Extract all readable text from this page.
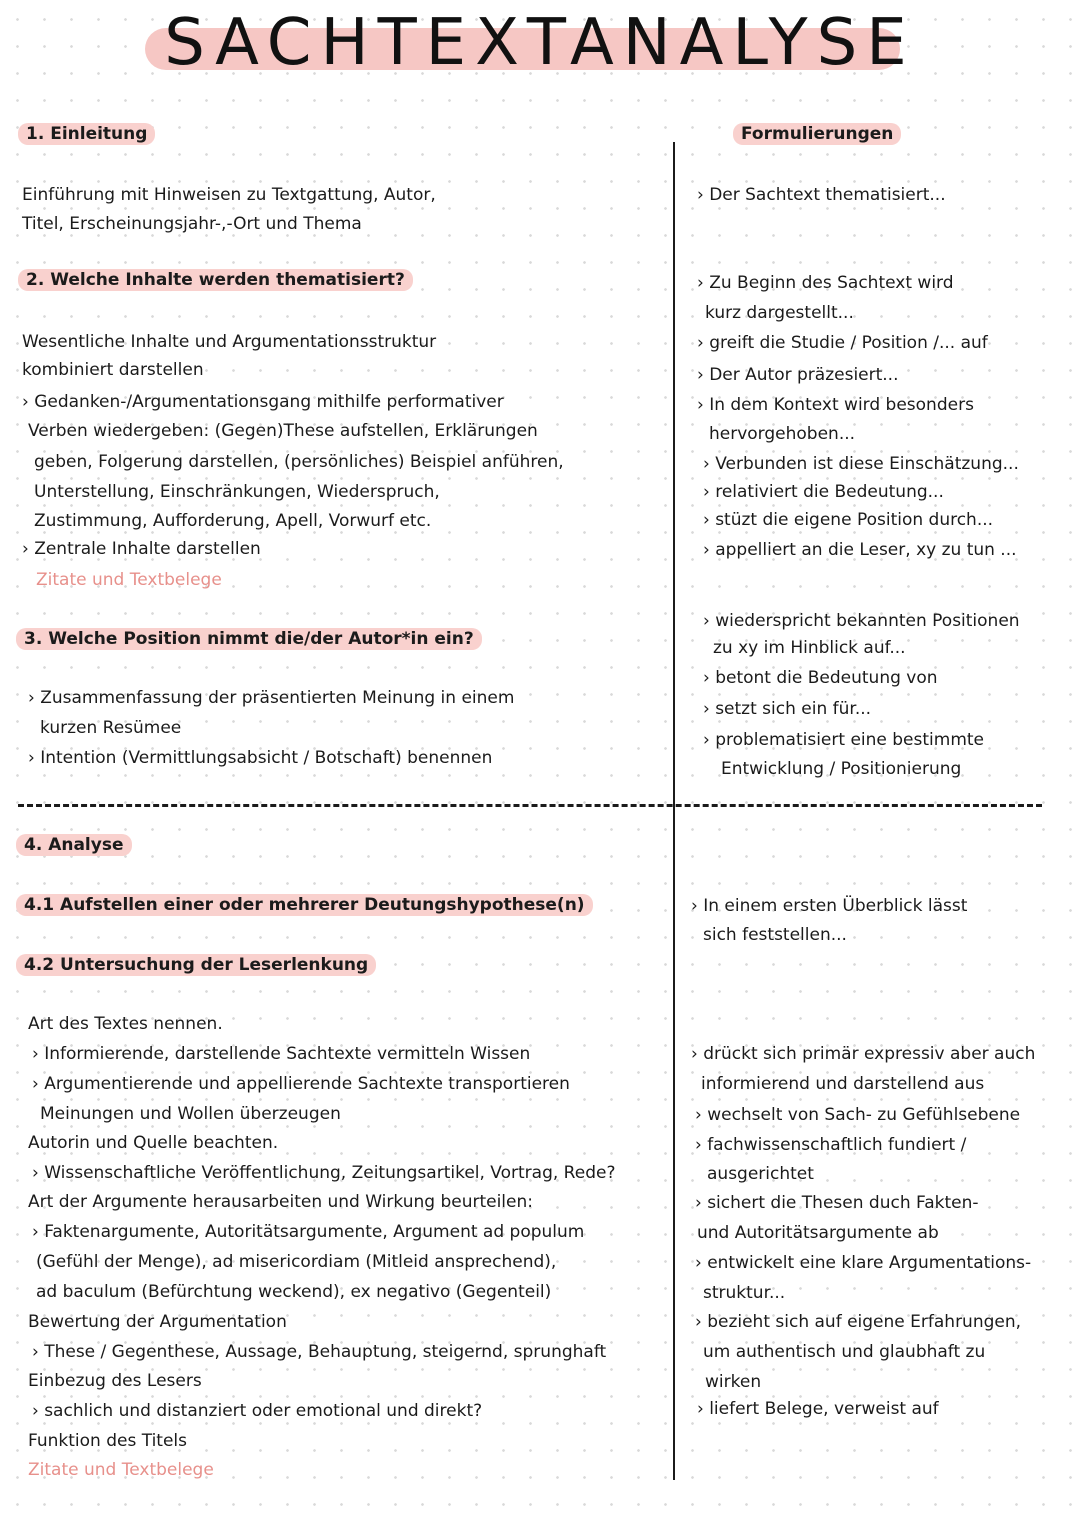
SACHTEXTANALYSE
1. Einleitung
Einführung mit Hinweisen zu Textgattung, Autor,
Titel, Erscheinungsjahr-,-Ort und Thema
2. Welche Inhalte werden thematisiert?
Wesentliche Inhalte und Argumentationsstruktur
kombiniert darstellen
› Gedanken-/Argumentationsgang mithilfe performativer
Verben wiedergeben: (Gegen)These aufstellen, Erklärungen
geben, Folgerung darstellen, (persönliches) Beispiel anführen,
Unterstellung, Einschränkungen, Wiederspruch,
Zustimmung, Aufforderung, Apell, Vorwurf etc.
› Zentrale Inhalte darstellen
Zitate und Textbelege
3. Welche Position nimmt die/der Autor*in ein?
› Zusammenfassung der präsentierten Meinung in einem
kurzen Resümee
› Intention (Vermittlungsabsicht / Botschaft) benennen
4. Analyse
4.1 Aufstellen einer oder mehrerer Deutungshypothese(n)
4.2 Untersuchung der Leserlenkung
Art des Textes nennen.
› Informierende, darstellende Sachtexte vermitteln Wissen
› Argumentierende und appellierende Sachtexte transportieren
Meinungen und Wollen überzeugen
Autorin und Quelle beachten.
› Wissenschaftliche Veröffentlichung, Zeitungsartikel, Vortrag, Rede?
Art der Argumente herausarbeiten und Wirkung beurteilen:
› Faktenargumente, Autoritätsargumente, Argument ad populum
(Gefühl der Menge), ad misericordiam (Mitleid ansprechend),
ad baculum (Befürchtung weckend), ex negativo (Gegenteil)
Bewertung der Argumentation
› These / Gegenthese, Aussage, Behauptung, steigernd, sprunghaft
Einbezug des Lesers
› sachlich und distanziert oder emotional und direkt?
Funktion des Titels
Zitate und Textbelege
Formulierungen
› Der Sachtext thematisiert...
› Zu Beginn des Sachtext wird
kurz dargestellt...
› greift die Studie / Position /... auf
› Der Autor präzesiert...
› In dem Kontext wird besonders
hervorgehoben...
› Verbunden ist diese Einschätzung...
› relativiert die Bedeutung...
› stüzt die eigene Position durch...
› appelliert an die Leser, xy zu tun ...
› wiederspricht bekannten Positionen
zu xy im Hinblick auf...
› betont die Bedeutung von
› setzt sich ein für...
› problematisiert eine bestimmte
Entwicklung / Positionierung
› In einem ersten Überblick lässt
sich feststellen...
› drückt sich primär expressiv aber auch
informierend und darstellend aus
› wechselt von Sach- zu Gefühlsebene
› fachwissenschaftlich fundiert /
ausgerichtet
› sichert die Thesen duch Fakten-
und Autoritätsargumente ab
› entwickelt eine klare Argumentations-
struktur...
› bezieht sich auf eigene Erfahrungen,
um authentisch und glaubhaft zu
wirken
› liefert Belege, verweist auf
